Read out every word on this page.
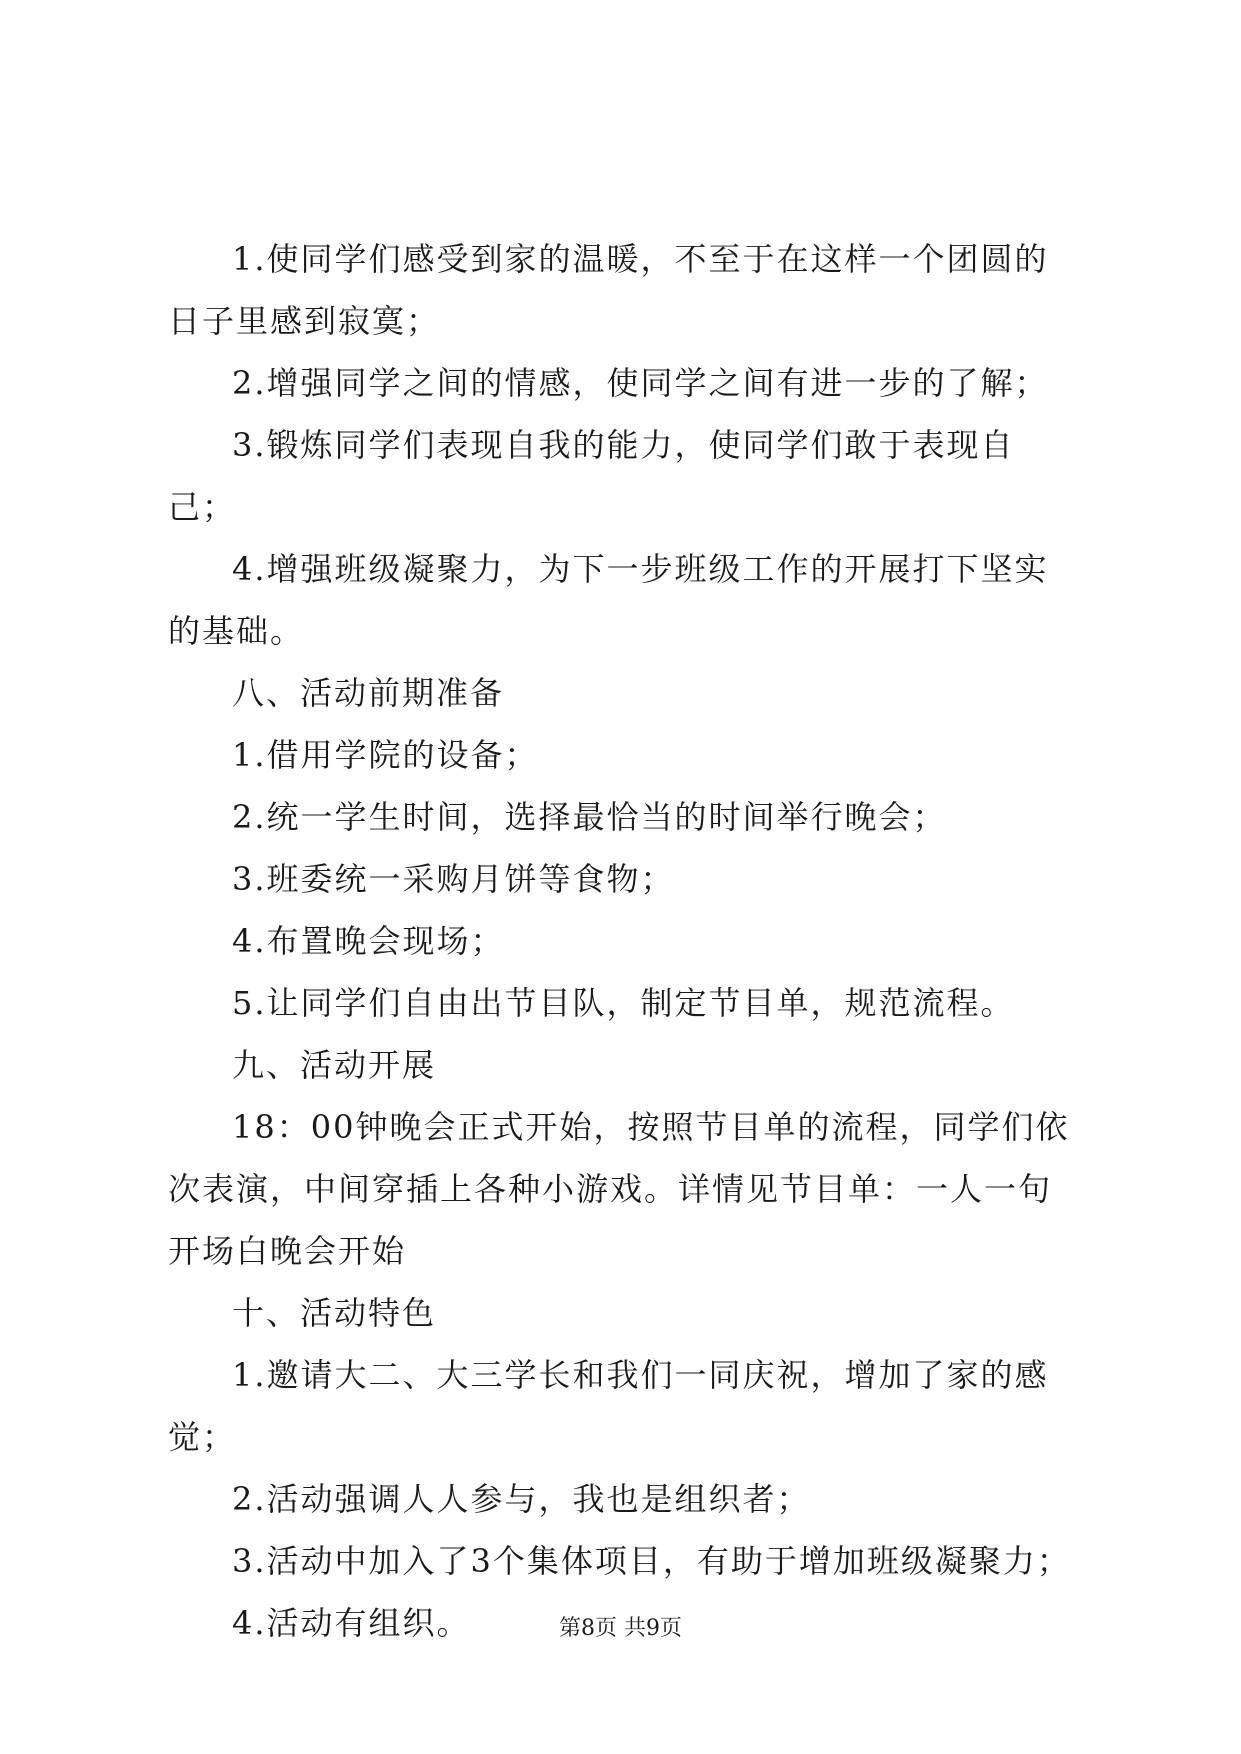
1.使同学们感受到家的温暖，不至于在这样一个团圆的日子里感到寂寞；

2.增强同学之间的情感，使同学之间有进一步的了解；

3.锻炼同学们表现自我的能力，使同学们敢于表现自己；

4.增强班级凝聚力，为下一步班级工作的开展打下坚实的基础。

八、活动前期准备

1.借用学院的设备；

2.统一学生时间，选择最恰当的时间举行晚会；

3.班委统一采购月饼等食物；

4.布置晚会现场；

5.让同学们自由出节目队，制定节目单，规范流程。

九、活动开展

18：00钟晚会正式开始，按照节目单的流程，同学们依次表演，中间穿插上各种小游戏。详情见节目单：一人一句开场白晚会开始

十、活动特色

1.邀请大二、大三学长和我们一同庆祝，增加了家的感觉；

2.活动强调人人参与，我也是组织者；

3.活动中加入了3个集体项目，有助于增加班级凝聚力；

4.活动有组织。	第8页 共9页
